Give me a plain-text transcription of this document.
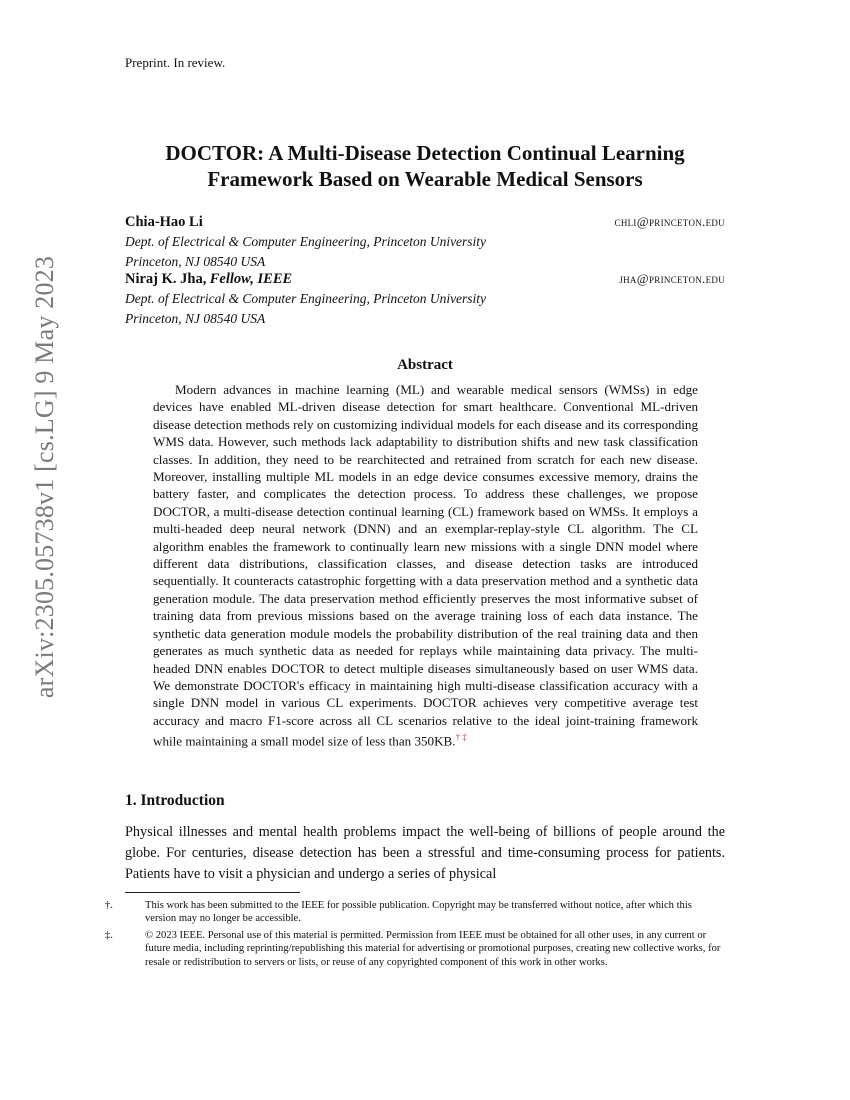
Preprint. In review.
arXiv:2305.05738v1 [cs.LG] 9 May 2023
DOCTOR: A Multi-Disease Detection Continual Learning
Framework Based on Wearable Medical Sensors
Chia-Hao Li	chli@princeton.edu
Dept. of Electrical & Computer Engineering, Princeton University
Princeton, NJ 08540 USA
Niraj K. Jha, Fellow, IEEE	jha@princeton.edu
Dept. of Electrical & Computer Engineering, Princeton University
Princeton, NJ 08540 USA
Abstract
Modern advances in machine learning (ML) and wearable medical sensors (WMSs) in edge devices have enabled ML-driven disease detection for smart healthcare. Conventional ML-driven disease detection methods rely on customizing individual models for each disease and its corresponding WMS data. However, such methods lack adaptability to distribution shifts and new task classification classes. In addition, they need to be rearchitected and retrained from scratch for each new disease. Moreover, installing multiple ML models in an edge device consumes excessive memory, drains the battery faster, and complicates the detection process. To address these challenges, we propose DOCTOR, a multi-disease detection continual learning (CL) framework based on WMSs. It employs a multi-headed deep neural network (DNN) and an exemplar-replay-style CL algorithm. The CL algorithm enables the framework to continually learn new missions with a single DNN model where different data distributions, classification classes, and disease detection tasks are introduced sequentially. It counteracts catastrophic forgetting with a data preservation method and a synthetic data generation module. The data preservation method efficiently preserves the most informative subset of training data from previous missions based on the average training loss of each data instance. The synthetic data generation module models the probability distribution of the real training data and then generates as much synthetic data as needed for replays while maintaining data privacy. The multi-headed DNN enables DOCTOR to detect multiple diseases simultaneously based on user WMS data. We demonstrate DOCTOR's efficacy in maintaining high multi-disease classification accuracy with a single DNN model in various CL experiments. DOCTOR achieves very competitive average test accuracy and macro F1-score across all CL scenarios relative to the ideal joint-training framework while maintaining a small model size of less than 350KB.† ‡
1. Introduction
Physical illnesses and mental health problems impact the well-being of billions of people around the globe. For centuries, disease detection has been a stressful and time-consuming process for patients. Patients have to visit a physician and undergo a series of physical
†.	This work has been submitted to the IEEE for possible publication. Copyright may be transferred without notice, after which this version may no longer be accessible.
‡.	© 2023 IEEE. Personal use of this material is permitted. Permission from IEEE must be obtained for all other uses, in any current or future media, including reprinting/republishing this material for advertising or promotional purposes, creating new collective works, for resale or redistribution to servers or lists, or reuse of any copyrighted component of this work in other works.
